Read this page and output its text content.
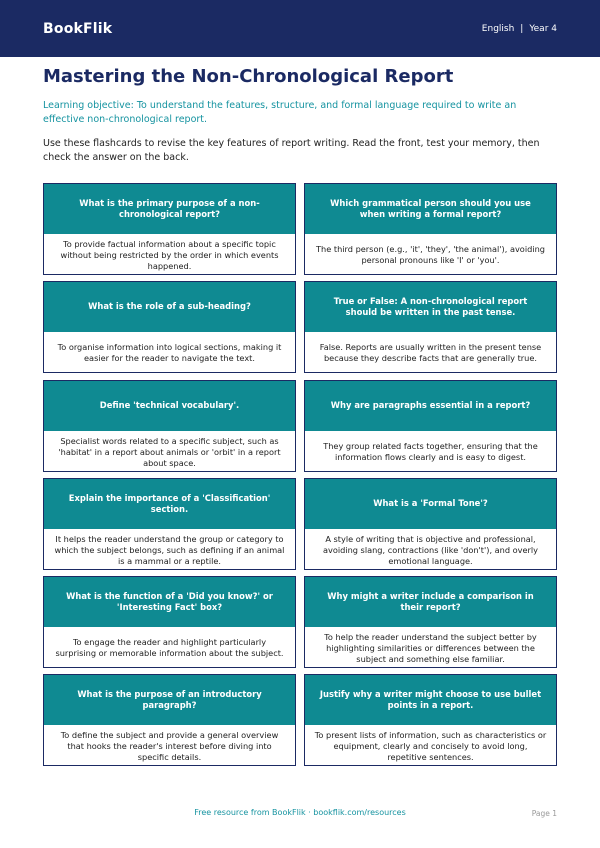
BookFlik	English | Year 4
Mastering the Non-Chronological Report

Learning objective: To understand the features, structure, and formal language required to write an effective non-chronological report.

Use these flashcards to revise the key features of report writing. Read the front, test your memory, then check the answer on the back.

What is the primary purpose of a non-chronological report?
To provide factual information about a specific topic without being restricted by the order in which events happened.
Which grammatical person should you use when writing a formal report?
The third person (e.g., 'it', 'they', 'the animal'), avoiding personal pronouns like 'I' or 'you'.
What is the role of a sub-heading?
To organise information into logical sections, making it easier for the reader to navigate the text.
True or False: A non-chronological report should be written in the past tense.
False. Reports are usually written in the present tense because they describe facts that are generally true.
Define 'technical vocabulary'.
Specialist words related to a specific subject, such as 'habitat' in a report about animals or 'orbit' in a report about space.
Why are paragraphs essential in a report?
They group related facts together, ensuring that the information flows clearly and is easy to digest.
Explain the importance of a 'Classification' section.
It helps the reader understand the group or category to which the subject belongs, such as defining if an animal is a mammal or a reptile.
What is a 'Formal Tone'?
A style of writing that is objective and professional, avoiding slang, contractions (like 'don't'), and overly emotional language.
What is the function of a 'Did you know?' or 'Interesting Fact' box?
To engage the reader and highlight particularly surprising or memorable information about the subject.
Why might a writer include a comparison in their report?
To help the reader understand the subject better by highlighting similarities or differences between the subject and something else familiar.
What is the purpose of an introductory paragraph?
To define the subject and provide a general overview that hooks the reader's interest before diving into specific details.
Justify why a writer might choose to use bullet points in a report.
To present lists of information, such as characteristics or equipment, clearly and concisely to avoid long, repetitive sentences.
Free resource from BookFlik · bookflik.com/resources	Page 1
